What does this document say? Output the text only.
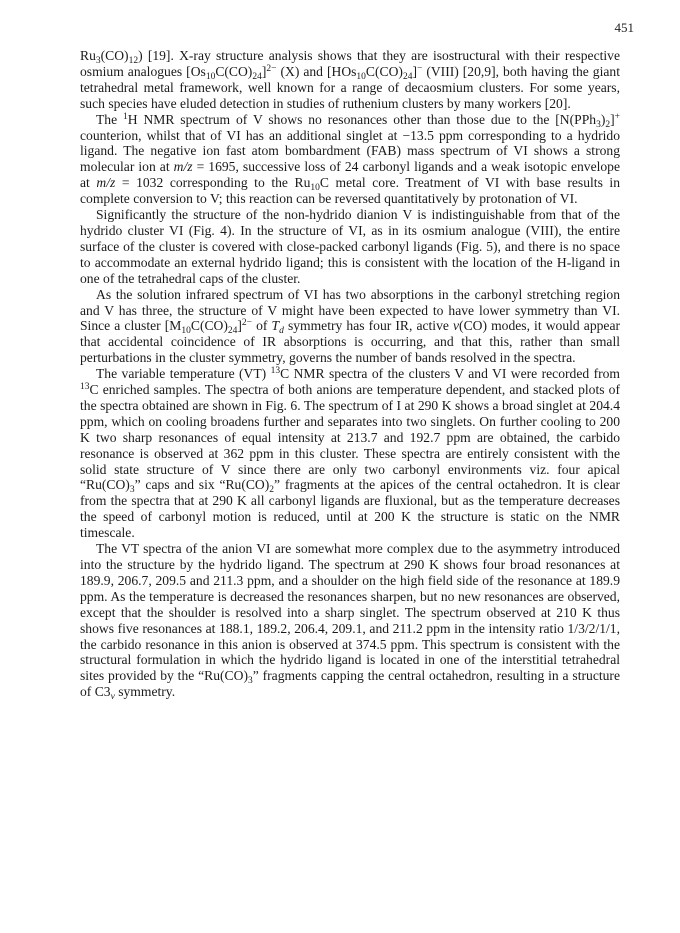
451

$Ru_3(CO)_{12}$) [19]. X-ray structure analysis shows that they are isostructural with their respective osmium analogues $[Os_{10}C(CO)_{24}]^{2-}$ (X) and $[HOs_{10}C(CO)_{24}]^-$ (VIII) [20,9], both having the giant tetrahedral metal framework, well known for a range of decaosmium clusters. For some years, such species have eluded detection in studies of ruthenium clusters by many workers [20].

The $^1$H NMR spectrum of V shows no resonances other than those due to the $[N(PPh_3)_2]^+$ counterion, whilst that of VI has an additional singlet at −13.5 ppm corresponding to a hydrido ligand. The negative ion fast atom bombardment (FAB) mass spectrum of VI shows a strong molecular ion at m/z = 1695, successive loss of 24 carbonyl ligands and a weak isotopic envelope at m/z = 1032 corresponding to the $Ru_{10}C$ metal core. Treatment of VI with base results in complete conversion to V; this reaction can be reversed quantitatively by protonation of VI.

Significantly the structure of the non-hydrido dianion V is indistinguishable from that of the hydrido cluster VI (Fig. 4). In the structure of VI, as in its osmium analogue (VIII), the entire surface of the cluster is covered with close-packed carbonyl ligands (Fig. 5), and there is no space to accommodate an external hydrido ligand; this is consistent with the location of the H-ligand in one of the tetrahedral caps of the cluster.

As the solution infrared spectrum of VI has two absorptions in the carbonyl stretching region and V has three, the structure of V might have been expected to have lower symmetry than VI. Since a cluster $[M_{10}C(CO)_{24}]^{2-}$ of $T_d$ symmetry has four IR, active ν(CO) modes, it would appear that accidental coincidence of IR absorptions is occurring, and that this, rather than small perturbations in the cluster symmetry, governs the number of bands resolved in the spectra.

The variable temperature (VT) $^{13}$C NMR spectra of the clusters V and VI were recorded from $^{13}$C enriched samples. The spectra of both anions are temperature dependent, and stacked plots of the spectra obtained are shown in Fig. 6. The spectrum of I at 290 K shows a broad singlet at 204.4 ppm, which on cooling broadens further and separates into two singlets. On further cooling to 200 K two sharp resonances of equal intensity at 213.7 and 192.7 ppm are obtained, the carbido resonance is observed at 362 ppm in this cluster. These spectra are entirely consistent with the solid state structure of V since there are only two carbonyl environments viz. four apical “$Ru(CO)_3$” caps and six “$Ru(CO)_2$” fragments at the apices of the central octahedron. It is clear from the spectra that at 290 K all carbonyl ligands are fluxional, but as the temperature decreases the speed of carbonyl motion is reduced, until at 200 K the structure is static on the NMR timescale.

The VT spectra of the anion VI are somewhat more complex due to the asymmetry introduced into the structure by the hydrido ligand. The spectrum at 290 K shows four broad resonances at 189.9, 206.7, 209.5 and 211.3 ppm, and a shoulder on the high field side of the resonance at 189.9 ppm. As the temperature is decreased the resonances sharpen, but no new resonances are observed, except that the shoulder is resolved into a sharp singlet. The spectrum observed at 210 K thus shows five resonances at 188.1, 189.2, 206.4, 209.1, and 211.2 ppm in the intensity ratio 1/3/2/1/1, the carbido resonance in this anion is observed at 374.5 ppm. This spectrum is consistent with the structural formulation in which the hydrido ligand is located in one of the interstitial tetrahedral sites provided by the “$Ru(CO)_3$” fragments capping the central octahedron, resulting in a structure of $C3_v$ symmetry.
